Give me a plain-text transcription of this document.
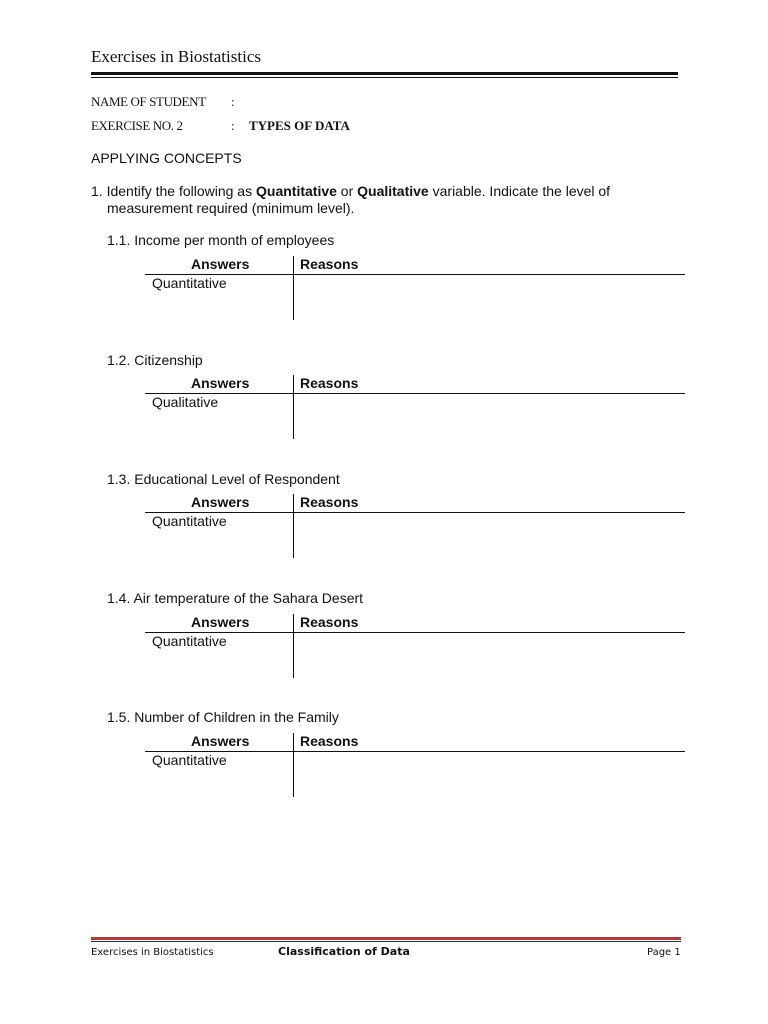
Exercises in Biostatistics
NAME OF STUDENT :
EXERCISE NO. 2	: TYPES OF DATA
APPLYING CONCEPTS
1. Identify the following as Quantitative or Qualitative variable. Indicate the level of
measurement required (minimum level).
1.1. Income per month of employees
Answers	Reasons
Quantitative
1.2. Citizenship
Answers	Reasons
Qualitative
1.3. Educational Level of Respondent
Answers	Reasons
Quantitative
1.4. Air temperature of the Sahara Desert
Answers	Reasons
Quantitative
1.5. Number of Children in the Family
Answers	Reasons
Quantitative
Exercises in Biostatistics	Classification of Data	Page 1
